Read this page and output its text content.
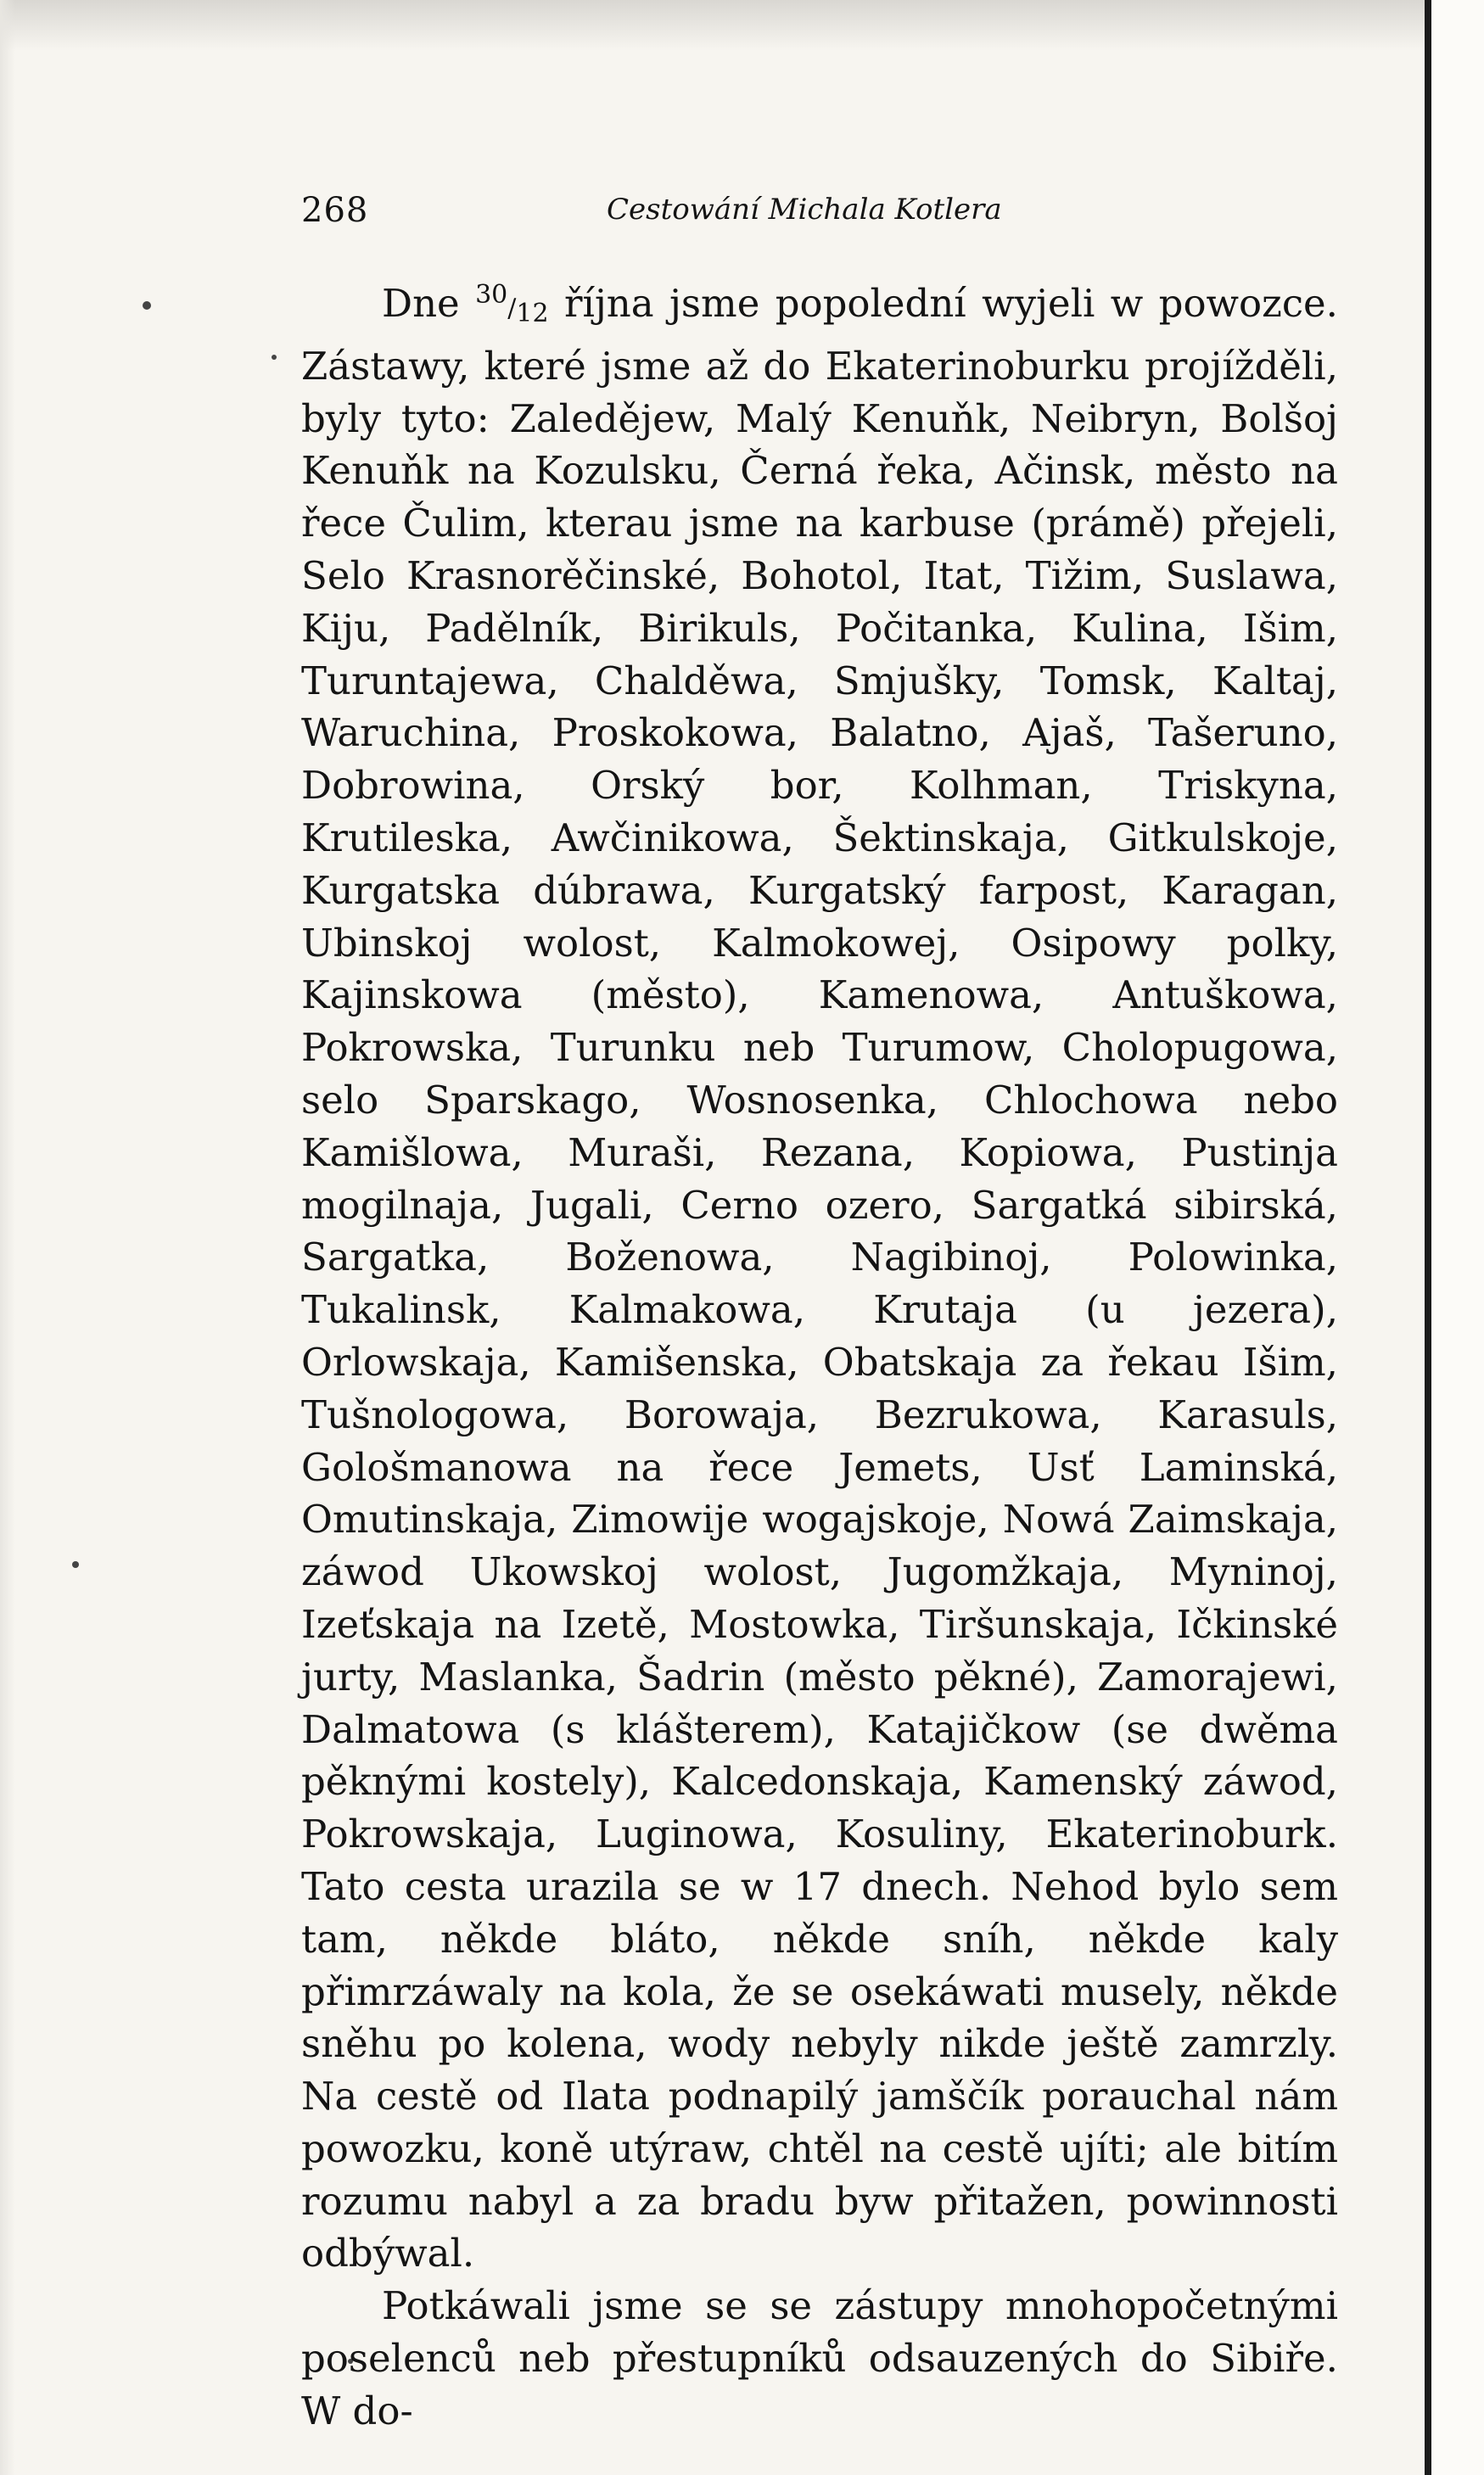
268	Cestowání Michala Kotlera

Dne $^{30}/_{12}$ října jsme popolední wyjeli w powozce. Zástawy, které jsme až do Ekaterinoburku projížděli, byly tyto: Zaledějew, Malý Kenuňk, Neibryn, Bolšoj Kenuňk na Kozulsku, Černá řeka, Ačinsk, město na řece Čulim, kterau jsme na karbuse (prámě) přejeli, Selo Krasnorěčinské, Bohotol, Itat, Tižim, Suslawa, Kiju, Padělník, Birikuls, Počitanka, Kulina, Išim, Turuntajewa, Chalděwa, Smjušky, Tomsk, Kaltaj, Waruchina, Proskokowa, Balatno, Ajaš, Tašeruno, Dobrowina, Orský bor, Kolhman, Triskyna, Krutileska, Awčinikowa, Šektinskaja, Gitkulskoje, Kurgatska dúbrawa, Kurgatský farpost, Karagan, Ubinskoj wolost, Kalmokowej, Osipowy polky, Kajinskowa (město), Kamenowa, Antuškowa, Pokrowska, Turunku neb Turumow, Cholopugowa, selo Sparskago, Wosnosenka, Chlochowa nebo Kamišlowa, Muraši, Rezana, Kopiowa, Pustinja mogilnaja, Jugali, Cerno ozero, Sargatká sibirská, Sargatka, Boženowa, Nagibinoj, Polowinka, Tukalinsk, Kalmakowa, Krutaja (u jezera), Orlowskaja, Kamišenska, Obatskaja za řekau Išim, Tušnologowa, Borowaja, Bezrukowa, Karasuls, Gološmanowa na řece Jemets, Usť Laminská, Omutinskaja, Zimowije wogajskoje, Nowá Zaimskaja, záwod Ukowskoj wolost, Jugomžkaja, Myninoj, Izeťskaja na Izetě, Mostowka, Tiršunskaja, Ičkinské jurty, Maslanka, Šadrin (město pěkné), Zamorajewi, Dalmatowa (s klášterem), Katajičkow (se dwěma pěknými kostely), Kalcedonskaja, Kamenský záwod, Pokrowskaja, Luginowa, Kosuliny, Ekaterinoburk. Tato cesta urazila se w 17 dnech. Nehod bylo sem tam, někde bláto, někde sníh, někde kaly přimrzáwaly na kola, že se osekáwati musely, někde sněhu po kolena, wody nebyly nikde ještě zamrzly. Na cestě od Ilata podnapilý jamščík porauchal nám powozku, koně utýraw, chtěl na cestě ujíti; ale bitím rozumu nabyl a za bradu byw přitažen, powinnosti odbýwal.

Potkáwali jsme se se zástupy mnohopočetnými poselenců neb přestupníků odsauzených do Sibiře. W do-
